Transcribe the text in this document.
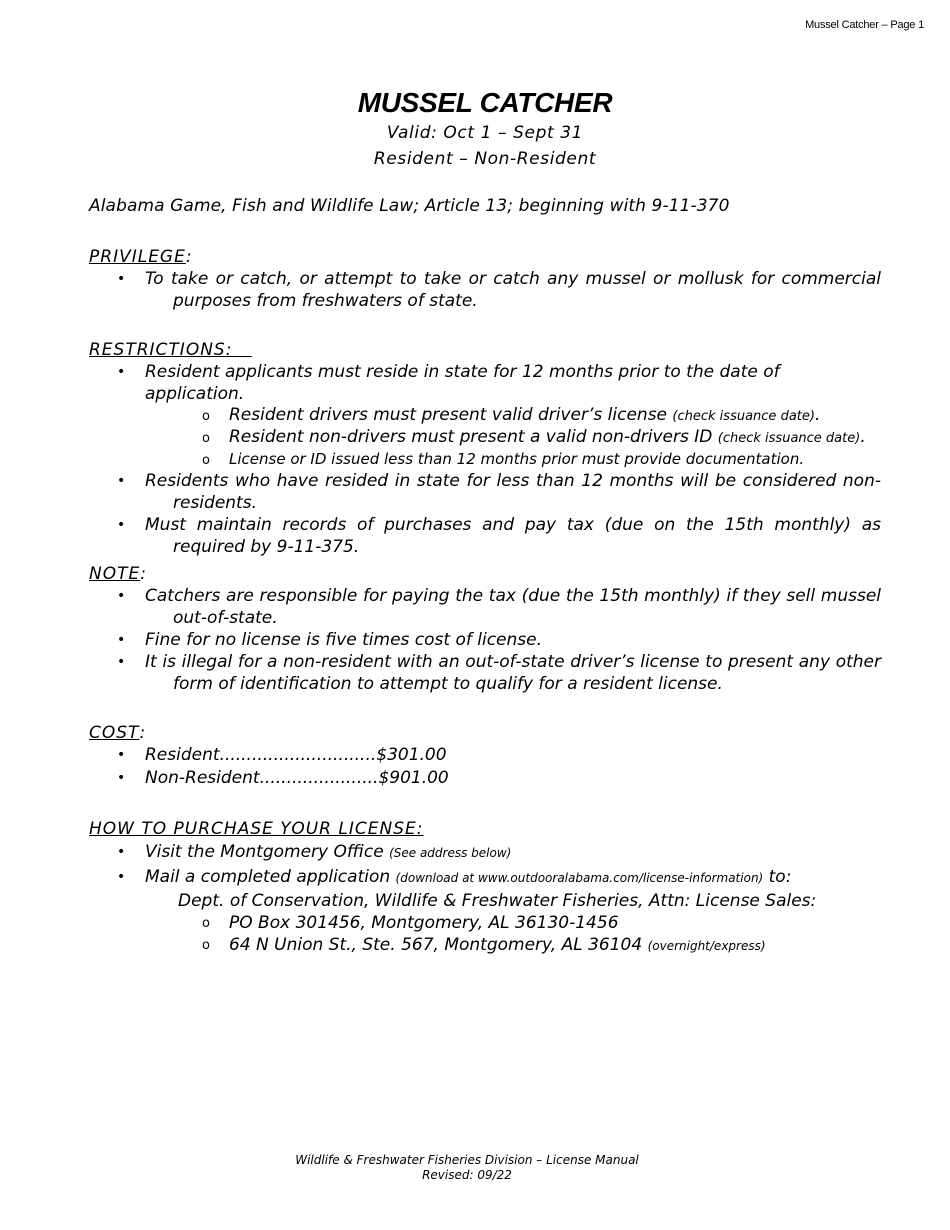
Mussel Catcher – Page 1
MUSSEL CATCHER
Valid: Oct 1 – Sept 31
Resident – Non-Resident
Alabama Game, Fish and Wildlife Law; Article 13; beginning with 9-11-370
PRIVILEGE:
• To take or catch, or attempt to take or catch any mussel or mollusk for commercial purposes from freshwaters of state.
RESTRICTIONS:
• Resident applicants must reside in state for 12 months prior to the date of application.
o Resident drivers must present valid driver’s license (check issuance date).
o Resident non-drivers must present a valid non-drivers ID (check issuance date).
o License or ID issued less than 12 months prior must provide documentation.
• Residents who have resided in state for less than 12 months will be considered non-residents.
• Must maintain records of purchases and pay tax (due on the 15th monthly) as required by 9-11-375.
NOTE:
• Catchers are responsible for paying the tax (due the 15th monthly) if they sell mussel out-of-state.
• Fine for no license is five times cost of license.
• It is illegal for a non-resident with an out-of-state driver’s license to present any other form of identification to attempt to qualify for a resident license.
COST:
• Resident.............................$301.00
• Non-Resident......................$901.00
HOW TO PURCHASE YOUR LICENSE:
• Visit the Montgomery Office (See address below)
• Mail a completed application (download at www.outdooralabama.com/license-information) to:
Dept. of Conservation, Wildlife & Freshwater Fisheries, Attn: License Sales:
o PO Box 301456, Montgomery, AL 36130-1456
o 64 N Union St., Ste. 567, Montgomery, AL 36104 (overnight/express)
Wildlife & Freshwater Fisheries Division – License Manual
Revised: 09/22
